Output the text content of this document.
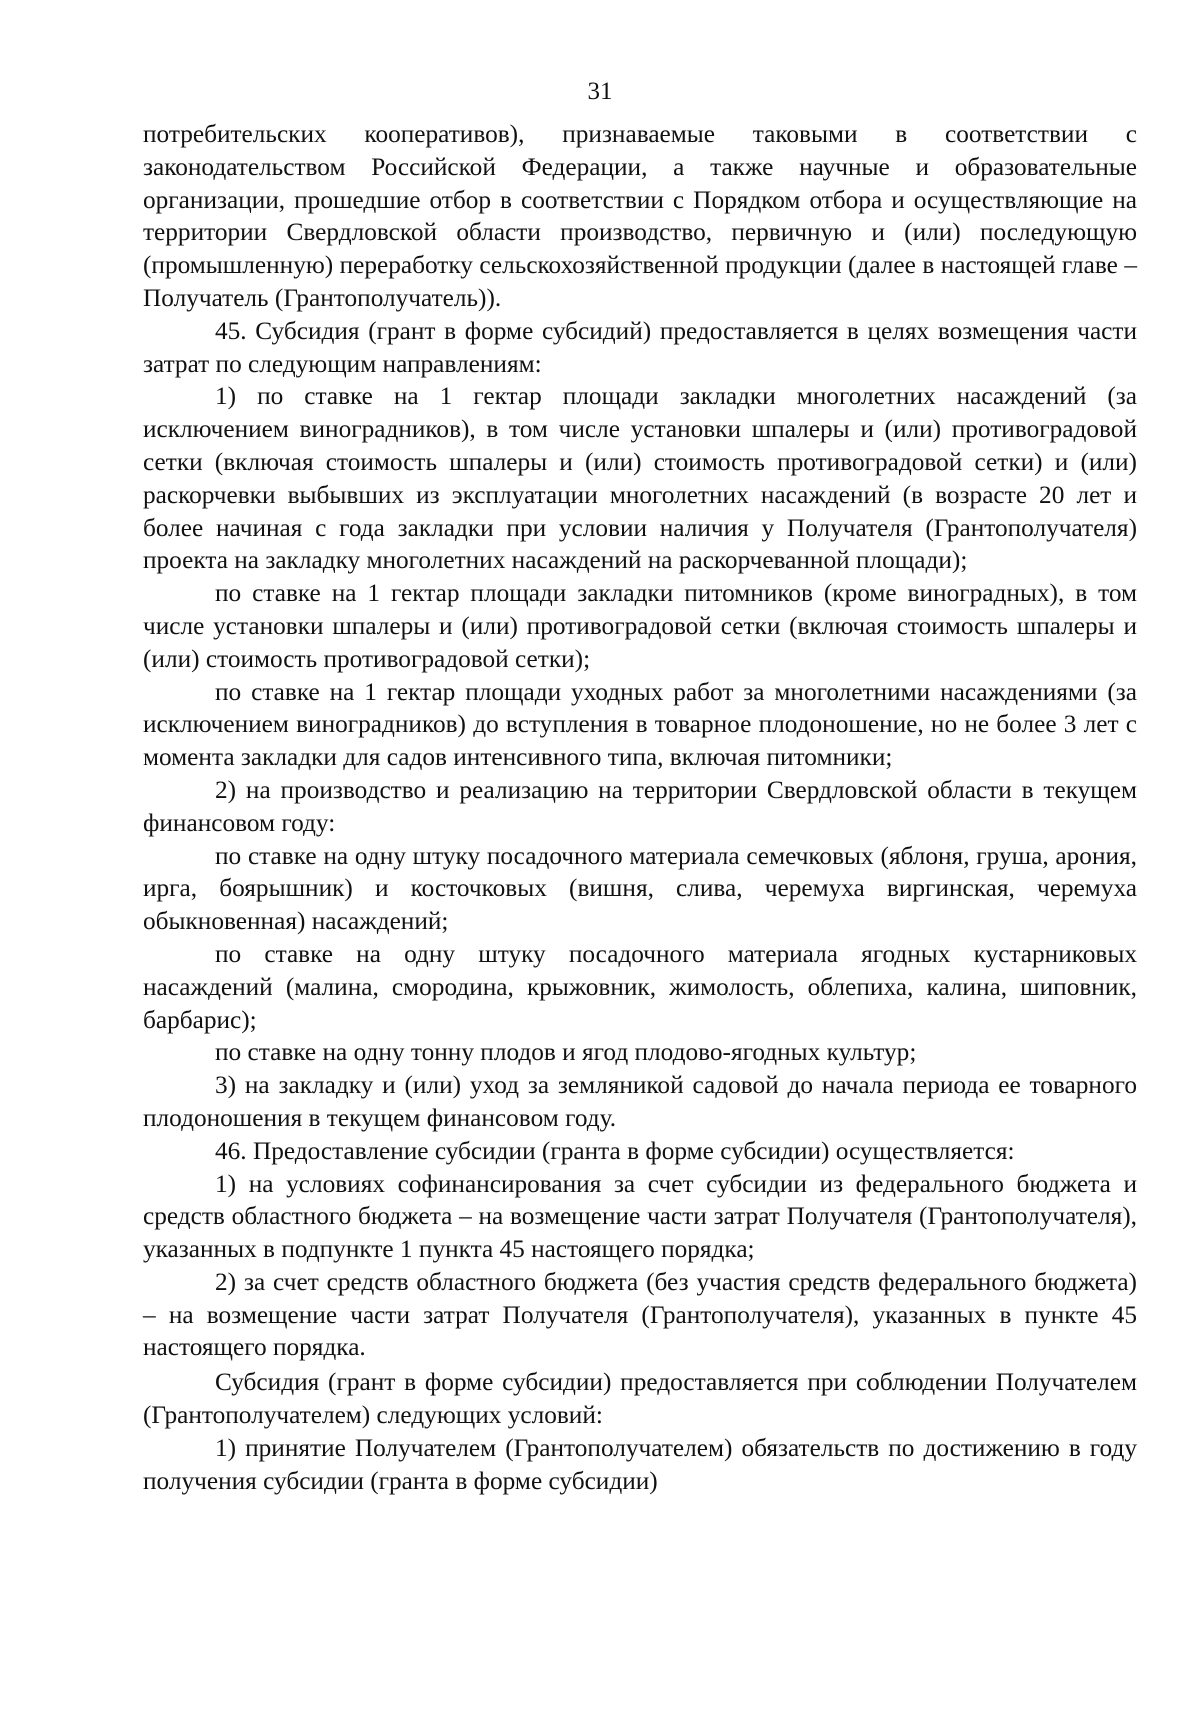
31

потребительских кооперативов), признаваемые таковыми в соответствии с законодательством Российской Федерации, а также научные и образовательные организации, прошедшие отбор в соответствии с Порядком отбора и осуществляющие на территории Свердловской области производство, первичную и (или) последующую (промышленную) переработку сельскохозяйственной продукции (далее в настоящей главе – Получатель (Грантополучатель)).

45. Субсидия (грант в форме субсидий) предоставляется в целях возмещения части затрат по следующим направлениям:

1) по ставке на 1 гектар площади закладки многолетних насаждений (за исключением виноградников), в том числе установки шпалеры и (или) противоградовой сетки (включая стоимость шпалеры и (или) стоимость противоградовой сетки) и (или) раскорчевки выбывших из эксплуатации многолетних насаждений (в возрасте 20 лет и более начиная с года закладки при условии наличия у Получателя (Грантополучателя) проекта на закладку многолетних насаждений на раскорчеванной площади);

по ставке на 1 гектар площади закладки питомников (кроме виноградных), в том числе установки шпалеры и (или) противоградовой сетки (включая стоимость шпалеры и (или) стоимость противоградовой сетки);

по ставке на 1 гектар площади уходных работ за многолетними насаждениями (за исключением виноградников) до вступления в товарное плодоношение, но не более 3 лет с момента закладки для садов интенсивного типа, включая питомники;

2) на производство и реализацию на территории Свердловской области в текущем финансовом году:

по ставке на одну штуку посадочного материала семечковых (яблоня, груша, арония, ирга, боярышник) и косточковых (вишня, слива, черемуха виргинская, черемуха обыкновенная) насаждений;

по ставке на одну штуку посадочного материала ягодных кустарниковых насаждений (малина, смородина, крыжовник, жимолость, облепиха, калина, шиповник, барбарис);

по ставке на одну тонну плодов и ягод плодово-ягодных культур;

3) на закладку и (или) уход за земляникой садовой до начала периода ее товарного плодоношения в текущем финансовом году.

46. Предоставление субсидии (гранта в форме субсидии) осуществляется:

1) на условиях софинансирования за счет субсидии из федерального бюджета и средств областного бюджета – на возмещение части затрат Получателя (Грантополучателя), указанных в подпункте 1 пункта 45 настоящего порядка;

2) за счет средств областного бюджета (без участия средств федерального бюджета) – на возмещение части затрат Получателя (Грантополучателя), указанных в пункте 45 настоящего порядка.

Субсидия (грант в форме субсидии) предоставляется при соблюдении Получателем (Грантополучателем) следующих условий:

1) принятие Получателем (Грантополучателем) обязательств по достижению в году получения субсидии (гранта в форме субсидии)
